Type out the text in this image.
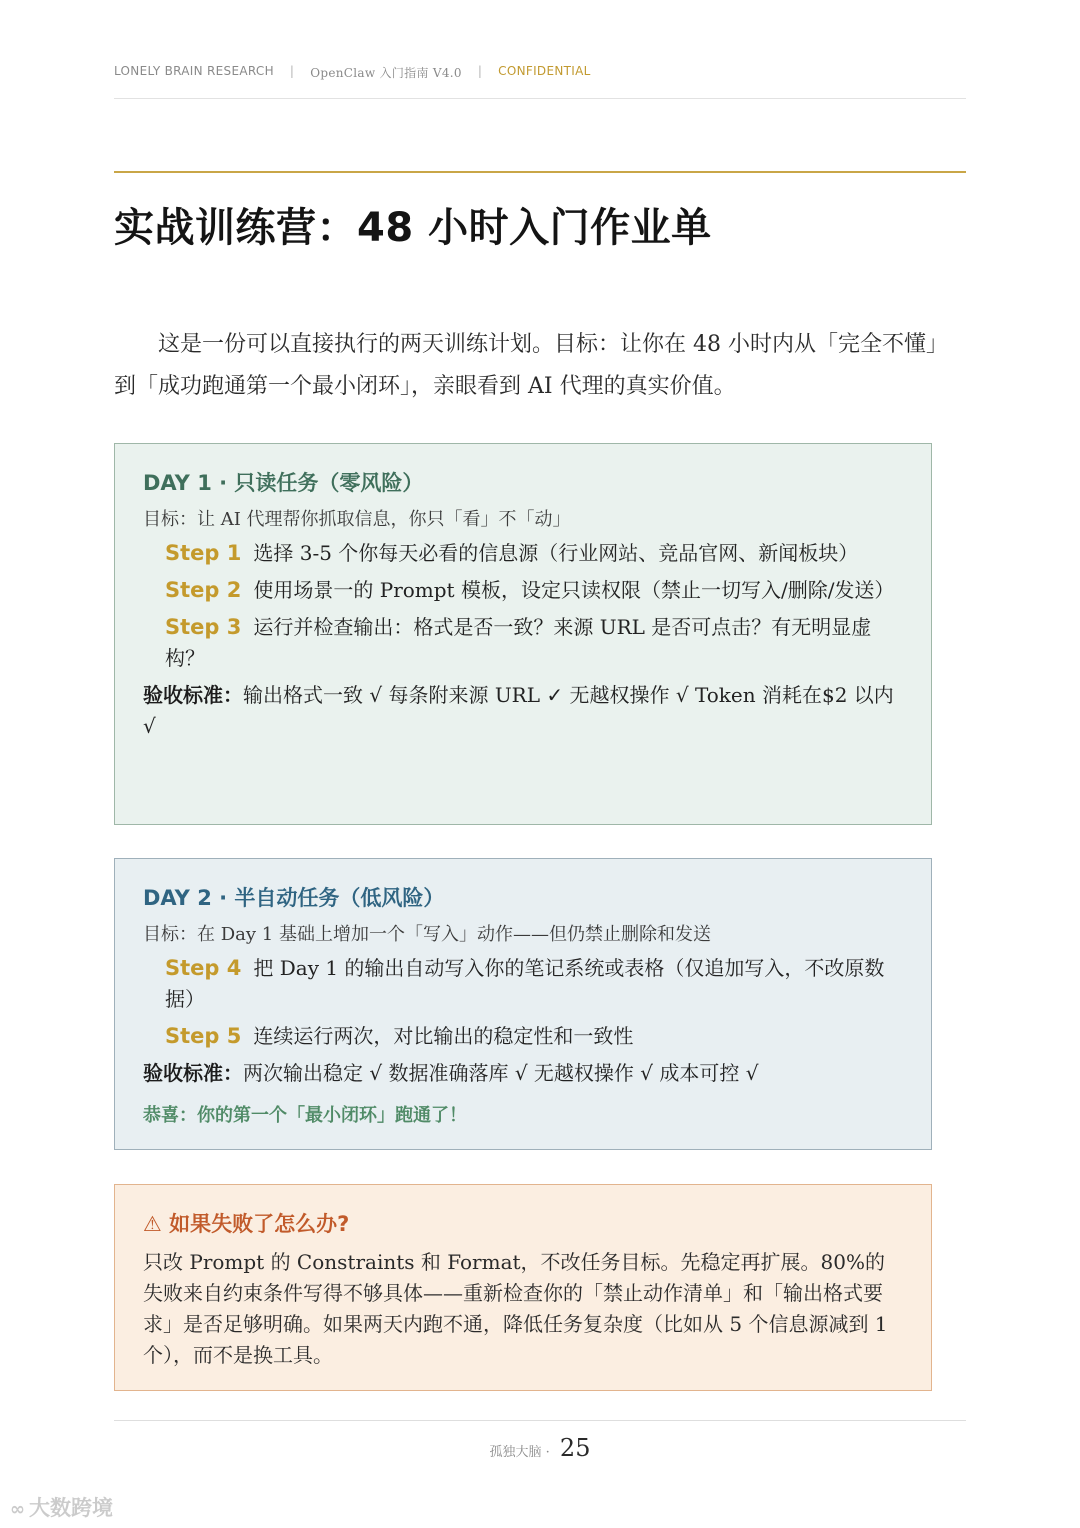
LONELY BRAIN RESEARCH | OpenClaw 入门指南 V4.0 | CONFIDENTIAL
实战训练营：48 小时入门作业单

这是一份可以直接执行的两天训练计划。目标：让你在 48 小时内从「完全不懂」到「成功跑通第一个最小闭环」，亲眼看到 AI 代理的真实价值。

DAY 1 · 只读任务（零风险）
目标：让 AI 代理帮你抓取信息，你只「看」不「动」
Step 1 选择 3-5 个你每天必看的信息源（行业网站、竞品官网、新闻板块）
Step 2 使用场景一的 Prompt 模板，设定只读权限（禁止一切写入/删除/发送）
Step 3 运行并检查输出：格式是否一致？来源 URL 是否可点击？有无明显虚构？
验收标准：输出格式一致 √ 每条附来源 URL ✓ 无越权操作 √ Token 消耗在$2 以内 √
DAY 2 · 半自动任务（低风险）
目标：在 Day 1 基础上增加一个「写入」动作——但仍禁止删除和发送
Step 4 把 Day 1 的输出自动写入你的笔记系统或表格（仅追加写入，不改原数据）
Step 5 连续运行两次，对比输出的稳定性和一致性
验收标准：两次输出稳定 √ 数据准确落库 √ 无越权操作 √ 成本可控 √
恭喜：你的第一个「最小闭环」跑通了！
⚠ 如果失败了怎么办?

只改 Prompt 的 Constraints 和 Format，不改任务目标。先稳定再扩展。80%的失败来自约束条件写得不够具体——重新检查你的「禁止动作清单」和「输出格式要求」是否足够明确。如果两天内跑不通，降低任务复杂度（比如从 5 个信息源减到 1 个），而不是换工具。

孤独大脑 · 25
∞ 大数跨境
